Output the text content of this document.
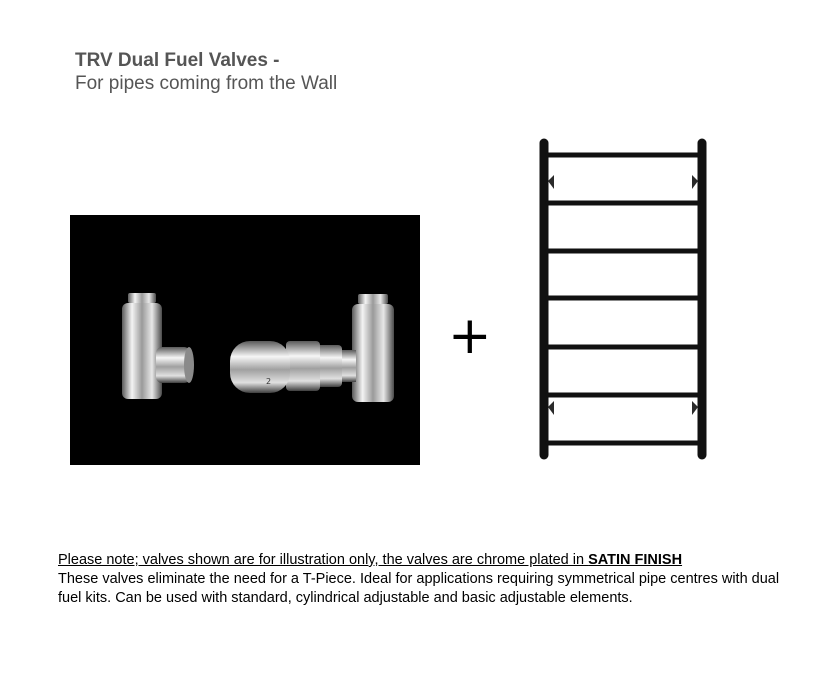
TRV Dual Fuel Valves -
For pipes coming from the Wall
2
+
Please note; valves shown are for illustration only, the valves are chrome plated in SATIN FINISH
These valves eliminate the need for a T-Piece. Ideal for applications requiring symmetrical pipe centres with dual fuel kits. Can be used with standard, cylindrical adjustable and basic adjustable elements.
